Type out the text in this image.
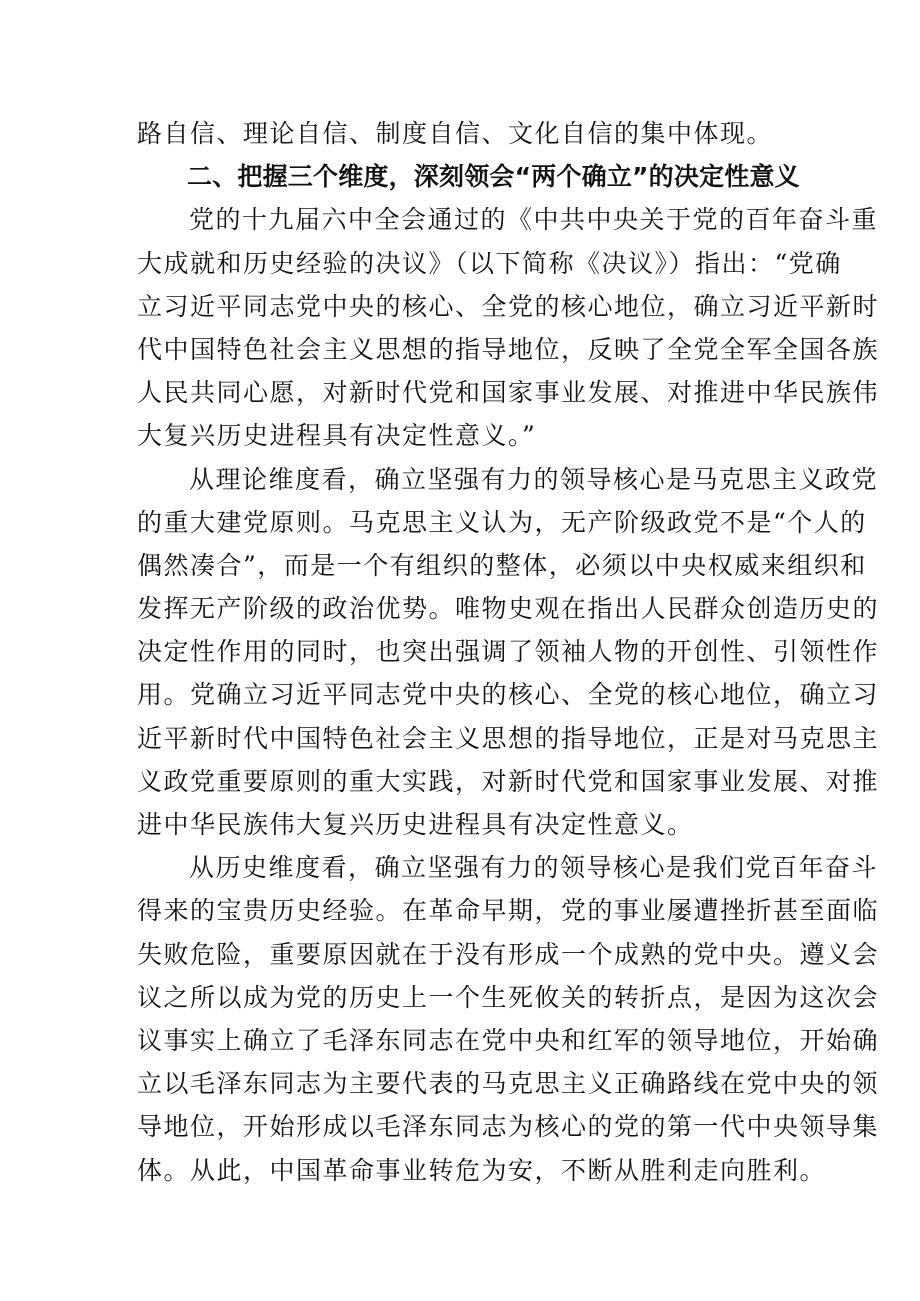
路自信、理论自信、制度自信、文化自信的集中体现。
二、把握三个维度，深刻领会“两个确立”的决定性意义
党的十九届六中全会通过的《中共中央关于党的百年奋斗重
大成就和历史经验的决议》（以下简称《决议》）指出：“党确
立习近平同志党中央的核心、全党的核心地位，确立习近平新时
代中国特色社会主义思想的指导地位，反映了全党全军全国各族
人民共同心愿，对新时代党和国家事业发展、对推进中华民族伟
大复兴历史进程具有决定性意义。”
从理论维度看，确立坚强有力的领导核心是马克思主义政党
的重大建党原则。马克思主义认为，无产阶级政党不是“个人的
偶然凑合”，而是一个有组织的整体，必须以中央权威来组织和
发挥无产阶级的政治优势。唯物史观在指出人民群众创造历史的
决定性作用的同时，也突出强调了领袖人物的开创性、引领性作
用。党确立习近平同志党中央的核心、全党的核心地位，确立习
近平新时代中国特色社会主义思想的指导地位，正是对马克思主
义政党重要原则的重大实践，对新时代党和国家事业发展、对推
进中华民族伟大复兴历史进程具有决定性意义。
从历史维度看，确立坚强有力的领导核心是我们党百年奋斗
得来的宝贵历史经验。在革命早期，党的事业屡遭挫折甚至面临
失败危险，重要原因就在于没有形成一个成熟的党中央。遵义会
议之所以成为党的历史上一个生死攸关的转折点，是因为这次会
议事实上确立了毛泽东同志在党中央和红军的领导地位，开始确
立以毛泽东同志为主要代表的马克思主义正确路线在党中央的领
导地位，开始形成以毛泽东同志为核心的党的第一代中央领导集
体。从此，中国革命事业转危为安，不断从胜利走向胜利。
